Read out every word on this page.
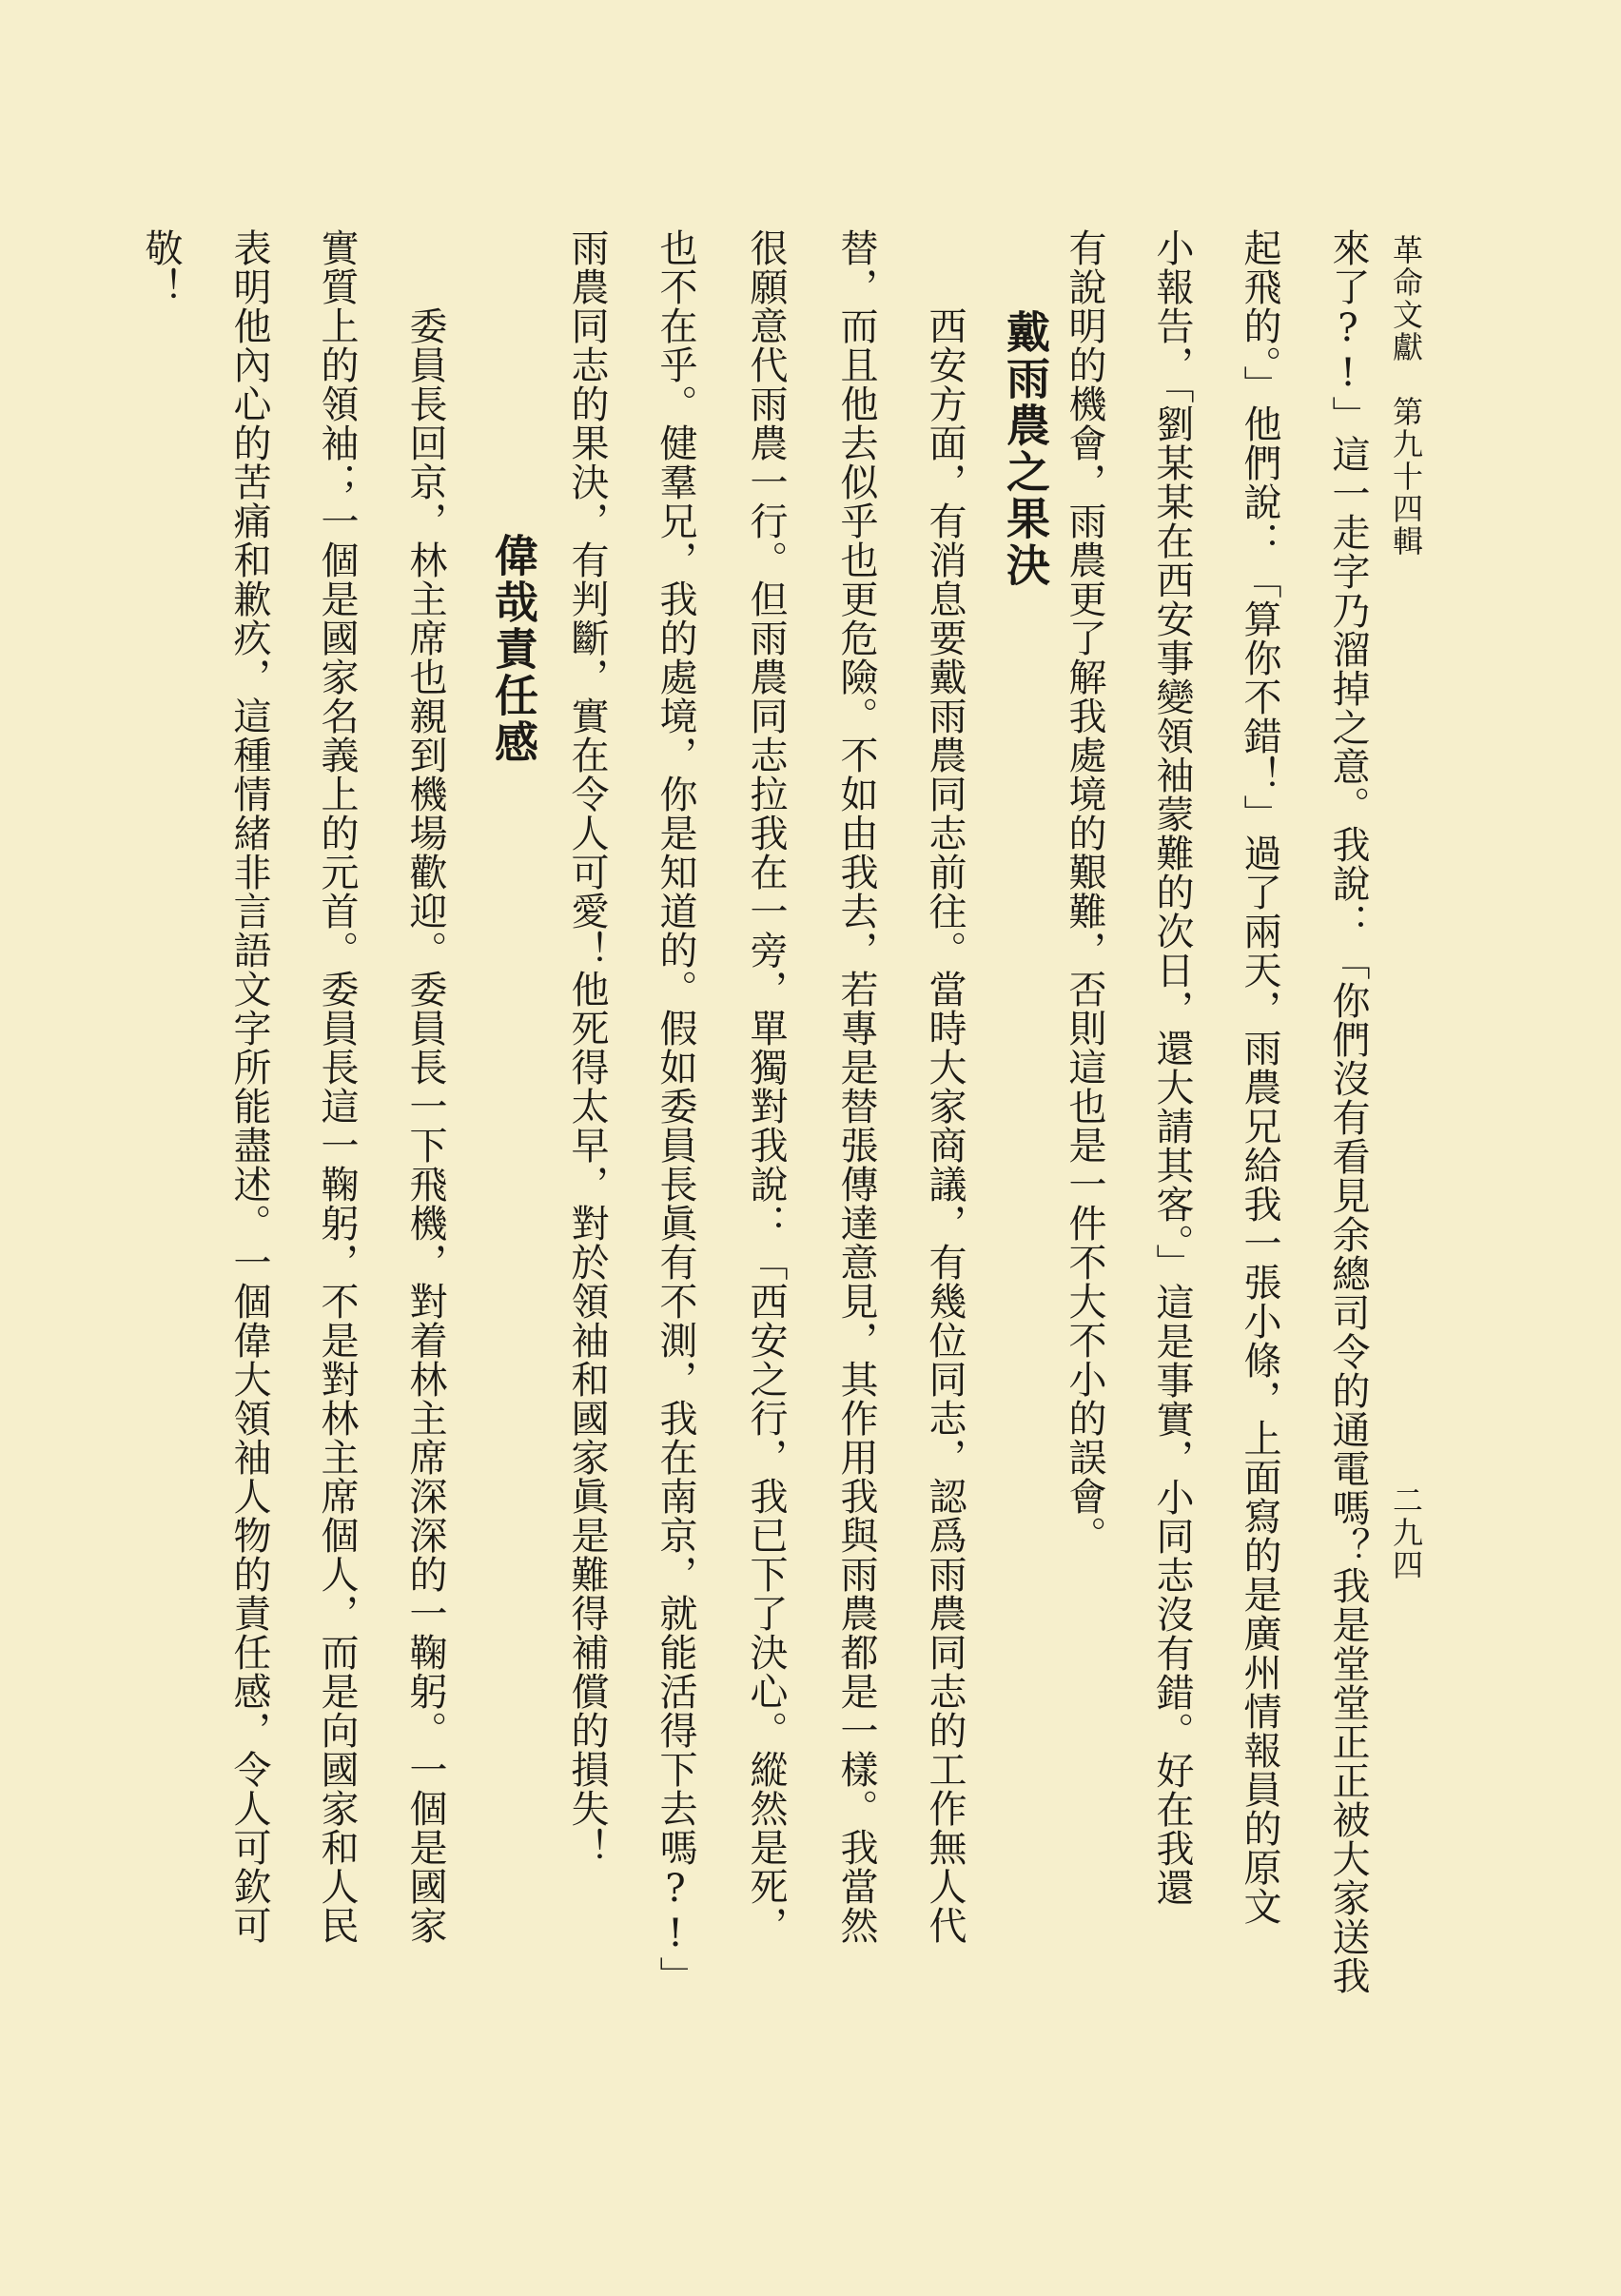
革命文獻　第九十四輯
二九四
來了?!」這一走字乃溜掉之意。我說：「你們沒有看見余總司令的通電嗎？我是堂堂正正被大家送我
起飛的。」他們說：「算你不錯！」過了兩天，雨農兄給我一張小條，上面寫的是廣州情報員的原文
小報告，「劉某某在西安事變領袖蒙難的次日，還大請其客。」這是事實，小同志沒有錯。好在我還
有說明的機會，雨農更了解我處境的艱難，否則這也是一件不大不小的誤會。
戴雨農之果決
　　西安方面，有消息要戴雨農同志前往。當時大家商議，有幾位同志，認爲雨農同志的工作無人代
替，而且他去似乎也更危險。不如由我去，若專是替張傳達意見，其作用我與雨農都是一樣。我當然
很願意代雨農一行。但雨農同志拉我在一旁，單獨對我說：「西安之行，我已下了決心。縱然是死，
也不在乎。健羣兄，我的處境，你是知道的。假如委員長眞有不測，我在南京，就能活得下去嗎?!」
雨農同志的果決，有判斷，實在令人可愛！他死得太早，對於領袖和國家眞是難得補償的損失！
偉哉責任感
　　委員長回京，林主席也親到機場歡迎。委員長一下飛機，對着林主席深深的一鞠躬。一個是國家
實質上的領袖；一個是國家名義上的元首。委員長這一鞠躬，不是對林主席個人，而是向國家和人民
表明他內心的苦痛和歉疚，這種情緒非言語文字所能盡述。一個偉大領袖人物的責任感，令人可欽可
敬！
